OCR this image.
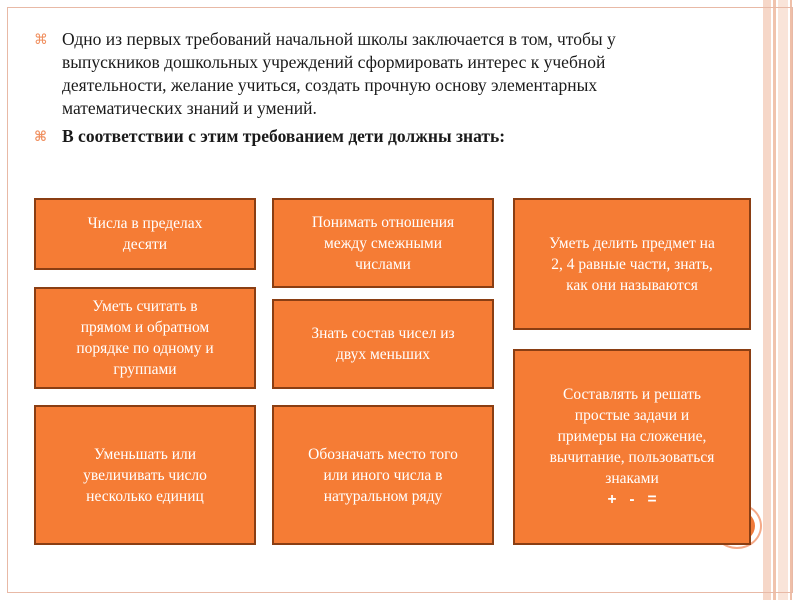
⌘ Одно из первых требований начальной школы заключается в том, чтобы у выпускников дошкольных учреждений сформировать интерес к учебной деятельности, желание учиться, создать прочную основу элементарных математических знаний и умений.
⌘ В соответствии с этим требованием дети должны знать:
Числа в пределах
десяти
Уметь считать в
прямом и обратном
порядке по одному и
группами
Уменьшать или
увеличивать число
несколько единиц
Понимать отношения
между смежными
числами
Знать состав чисел из
двух меньших
Обозначать место того
или иного числа в
натуральном ряду
Уметь делить предмет на
2, 4 равные части, знать,
как они называются
Составлять и решать
простые задачи и
примеры на сложение,
вычитание, пользоваться
знаками
+   -   =
